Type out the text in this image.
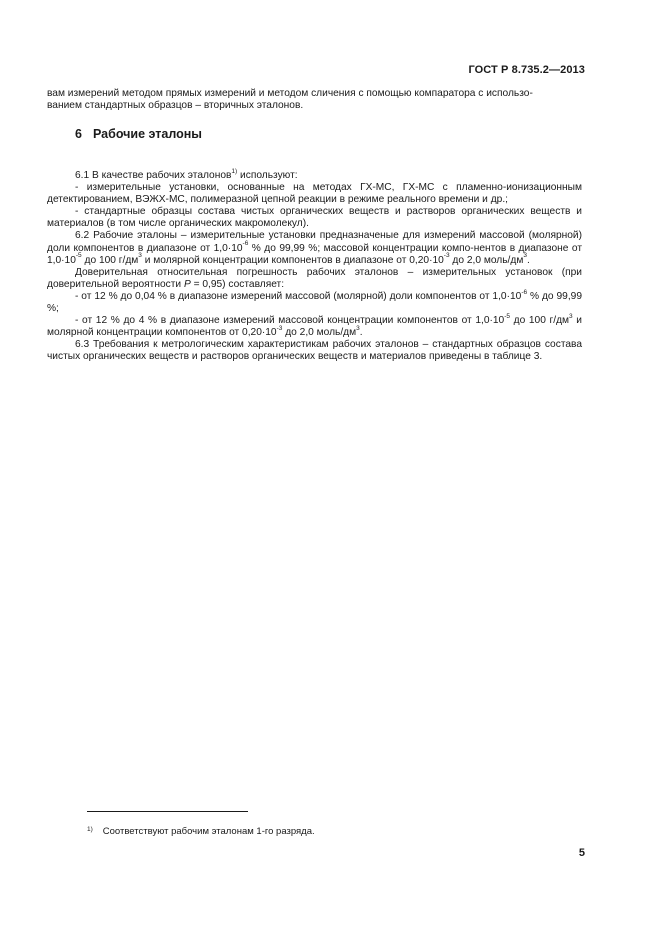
ГОСТ Р 8.735.2—2013

вам измерений методом прямых измерений и методом сличения с помощью компаратора с использо-

ванием стандартных образцов – вторичных эталонов.

6 Рабочие эталоны

6.1 В качестве рабочих эталонов$^{1)}$ используют:

- измерительные установки, основанные на методах ГХ-МС, ГХ-МС с пламенно-ионизационным детектированием, ВЭЖХ-МС, полимеразной цепной реакции в режиме реального времени и др.;

- стандартные образцы состава чистых органических веществ и растворов органических веществ и материалов (в том числе органических макромолекул).

6.2 Рабочие эталоны – измерительные установки предназначеные для измерений массовой (молярной) доли компонентов в диапазоне от $1,0\cdot 10^{-6}$ % до 99,99 %; массовой концентрации компо-нентов в диапазоне от $1,0\cdot 10^{-5}$ до 100 $г/дм^3$ и молярной концентрации компонентов в диапазоне от $0,20\cdot 10^{-3}$ до 2,0 моль/$дм^3$.

Доверительная относительная погрешность рабочих эталонов – измерительных установок (при доверительной вероятности P = 0,95) составляет:

- от 12 % до 0,04 % в диапазоне измерений массовой (молярной) доли компонентов от $1,0\cdot 10^{-6}$ % до 99,99 %;

- от 12 % до 4 % в диапазоне измерений массовой концентрации компонентов от $1,0\cdot 10^{-5}$ до 100 $г/дм^3$ и молярной концентрации компонентов от $0,20\cdot 10^{-3}$ до 2,0 моль/$дм^3$.

6.3 Требования к метрологическим характеристикам рабочих эталонов – стандартных образцов состава чистых органических веществ и растворов органических веществ и материалов приведены в таблице 3.

$^{1)}$ Соответствуют рабочим эталонам 1-го разряда.
5
